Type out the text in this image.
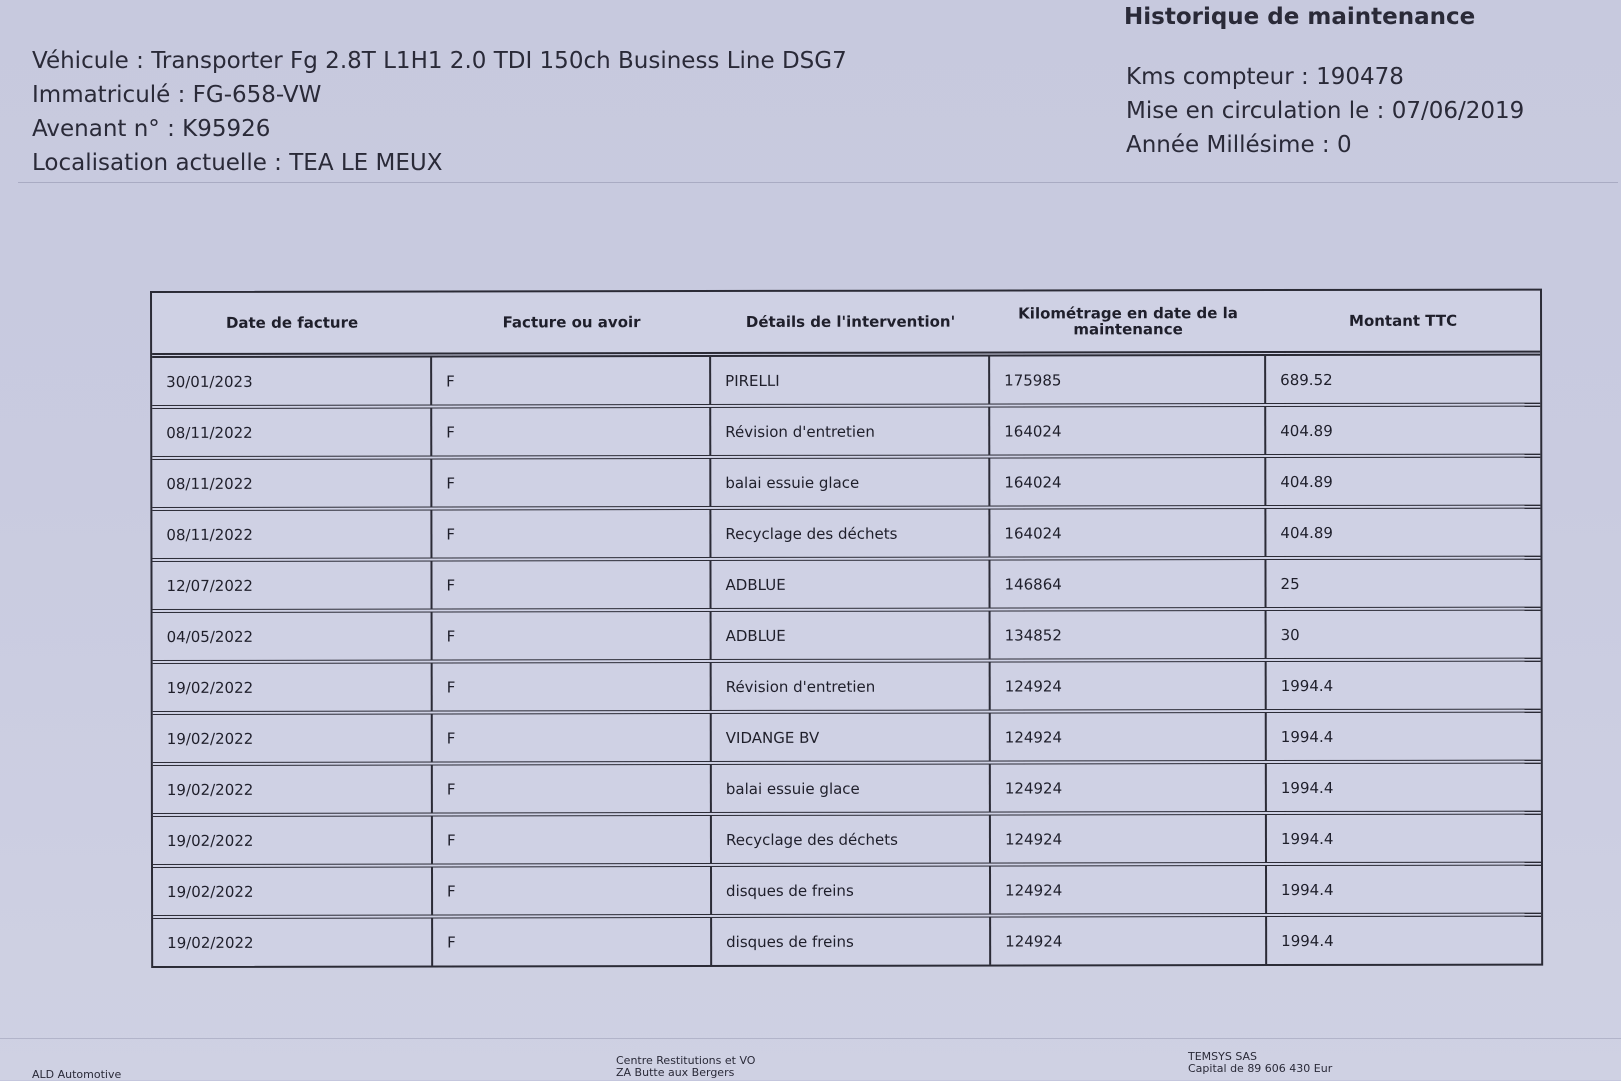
Véhicule : Transporter Fg 2.8T L1H1 2.0 TDI 150ch Business Line DSG7
Immatriculé : FG-658-VW
Avenant n° : K95926
Localisation actuelle : TEA LE MEUX
Historique de maintenance
Kms compteur : 190478
Mise en circulation le : 07/06/2019
Année Millésime : 0
Date de facture	Facture ou avoir	Détails de l'intervention'	Kilométrage en date de la maintenance	Montant TTC
30/01/2023	F	PIRELLI	175985	689.52
08/11/2022	F	Révision d'entretien	164024	404.89
08/11/2022	F	balai essuie glace	164024	404.89
08/11/2022	F	Recyclage des déchets	164024	404.89
12/07/2022	F	ADBLUE	146864	25
04/05/2022	F	ADBLUE	134852	30
19/02/2022	F	Révision d'entretien	124924	1994.4
19/02/2022	F	VIDANGE BV	124924	1994.4
19/02/2022	F	balai essuie glace	124924	1994.4
19/02/2022	F	Recyclage des déchets	124924	1994.4
19/02/2022	F	disques de freins	124924	1994.4
19/02/2022	F	disques de freins	124924	1994.4
ALD Automotive
Centre Restitutions et VO
ZA Butte aux Bergers
TEMSYS SAS
Capital de 89 606 430 Eur
